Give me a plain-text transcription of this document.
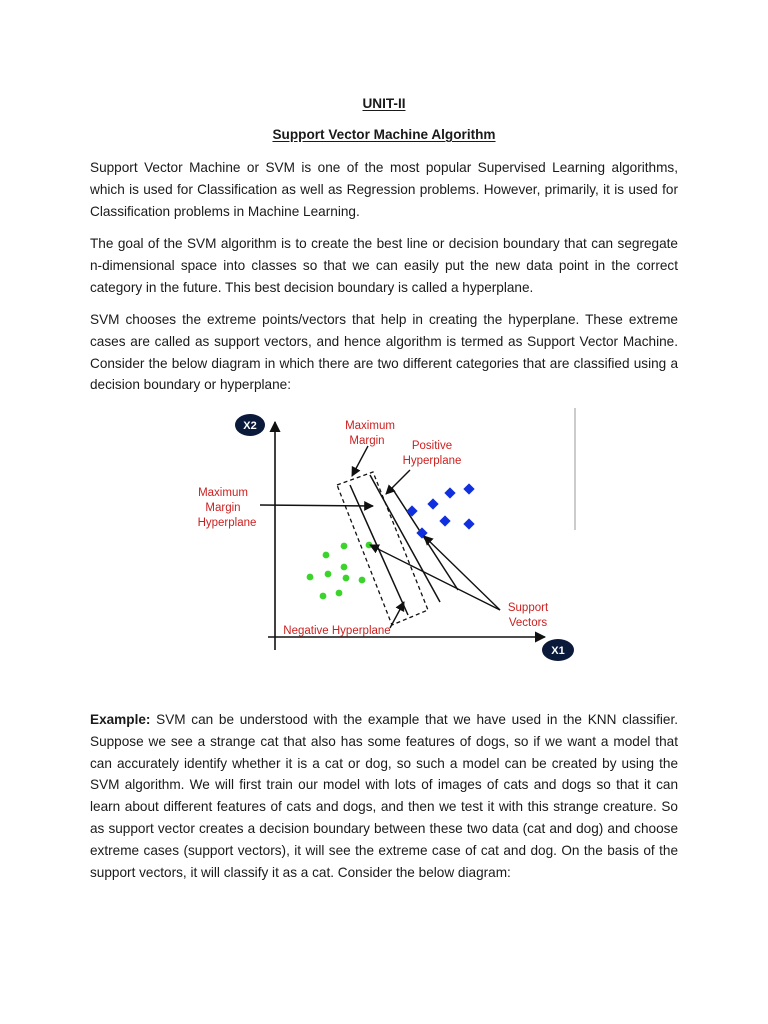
UNIT-II
Support Vector Machine Algorithm

Support Vector Machine or SVM is one of the most popular Supervised Learning algorithms, which is used for Classification as well as Regression problems. However, primarily, it is used for Classification problems in Machine Learning.

The goal of the SVM algorithm is to create the best line or decision boundary that can segregate n-dimensional space into classes so that we can easily put the new data point in the correct category in the future. This best decision boundary is called a hyperplane.

SVM chooses the extreme points/vectors that help in creating the hyperplane. These extreme cases are called as support vectors, and hence algorithm is termed as Support Vector Machine. Consider the below diagram in which there are two different categories that are classified using a decision boundary or hyperplane:

X2
X1
Maximum
Margin Positive
Hyperplane
Maximum
Margin
Hyperplane
Negative Hyperplane
Support
Vectors

Example: SVM can be understood with the example that we have used in the KNN classifier. Suppose we see a strange cat that also has some features of dogs, so if we want a model that can accurately identify whether it is a cat or dog, so such a model can be created by using the SVM algorithm. We will first train our model with lots of images of cats and dogs so that it can learn about different features of cats and dogs, and then we test it with this strange creature. So as support vector creates a decision boundary between these two data (cat and dog) and choose extreme cases (support vectors), it will see the extreme case of cat and dog. On the basis of the support vectors, it will classify it as a cat. Consider the below diagram:
